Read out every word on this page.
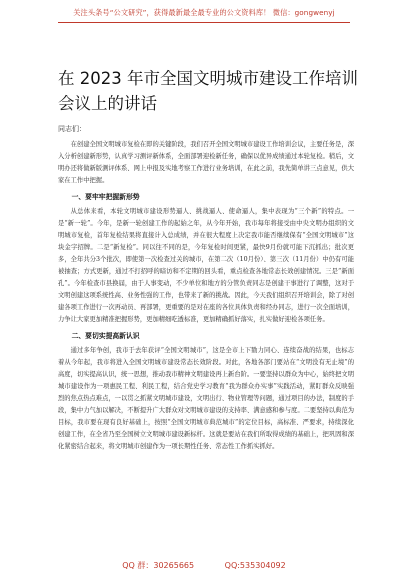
关注头条号“公文研究”，获得最新最全最专业的公文资料库！ 微信：gongwenyj
在 2023 年市全国文明城市建设工作培训会议上的讲话
同志们：

在创建全国文明城市复检在即的关键阶段，我们召开全国文明城市建设工作培训会议，主要任务是，深入分析创建新形势，认真学习测评新体系，全面部署迎检新任务，确保以优异成绩通过本轮复检。稍后，文明办还将做新版测评体系、网上申报及实地考察工作进行业务培训，在此之前，我先简单讲三点意见，供大家在工作中把握。

一、要牢牢把握新形势

从总体来看，本轮文明城市建设形势逼人、挑战逼人、使命逼人，集中表现为“三个新”的特点。一是“新一轮”。今年，是新一轮创建工作的起始之年，从今年开始，我市每年将接受由中央文明办组织的文明城市复检，首年复检结果将直接计入总成绩，并在很大程度上决定我市能否继续保有“全国文明城市”这块金字招牌。二是“新复检”。同以往不同的是，今年复检时间更紧，最快9月份就可能下沉抓出；批次更多，全年共分3个批次，即使第一次检查过关的城市，在第二次（10月份）、第三次（11月份）中仍有可能被抽查；方式更新，通过不打招呼的暗访和不定期的回头看，重点检查各地常态长效创建情况。三是“新面孔”。今年检查市县换届，由于人事变动，不少单位和地方的分管负责同志是创建干事进行了调整，这对于文明创建这项系统性高、业务性强的工作，也带来了新的挑战。因此，今天我们组织召开培训会，除了对创建各项工作进行一次再动员、再部署，更重要的是对在座的各位具体负责和经办同志，进行一次全面培训，力争让大家更加精准把握形势，更加精细吃透标准，更加精确抓好落实，扎实做好迎检各项任务。

二、要切实提高新认识

通过多年争创，我市于去年获评“全国文明城市”，这是全市上下勠力同心、连续奋战的结果，也标志着从今年起，我市将进入全国文明城市建设常态长效阶段。对此，各地各部门要站在“文明没有无止境”的高度，切实提高认识，统一思想，推动我市精神文明建设再上新台阶。一要坚持以群众为中心，始终把文明城市建设作为一项惠民工程、利民工程，结合党史学习教育“我为群众办实事”实践活动，紧盯群众反映强烈的焦点热点难点，一以贯之抓紧文明城市建设，文明出行、物业管理等问题，通过项目的办法，制度的手段，集中力气加以解决，不断提升广大群众对文明城市建设的支持率、满意感和参与度。二要坚持以典范为目标，我市要在现有良好基础上，按照“全国文明城市典范城市”的定位目标，高标准、严要求，持续深化创建工作，在全省乃至全国树立文明城市建设新标杆。这就是要站在我们所取得成绩的基础上，把巩固和深化紧密结合起来，将文明城市创建作为一项长期性任务、常态性工作抓实抓好。

QQ 群：30265665	QQ:535304092
